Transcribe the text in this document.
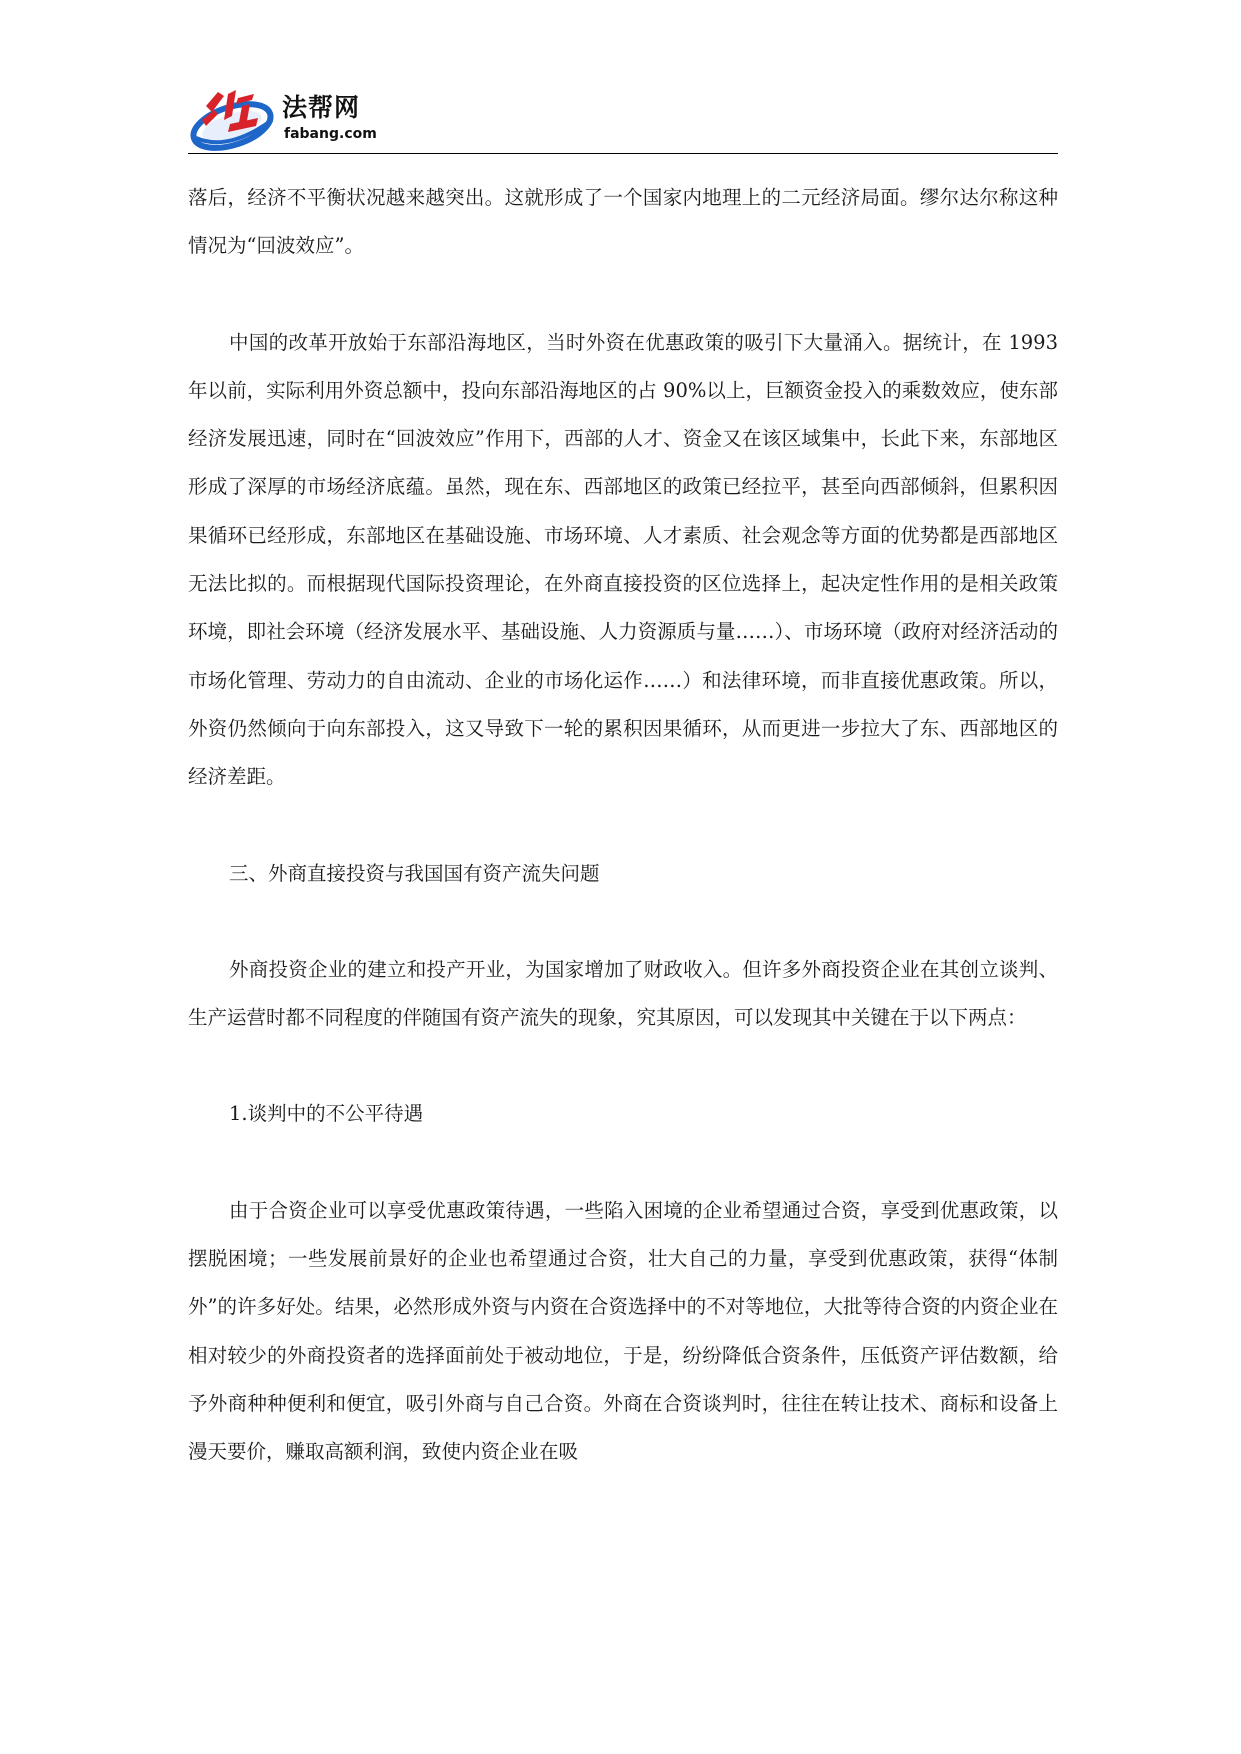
法帮网
fabang.com

落后，经济不平衡状况越来越突出。这就形成了一个国家内地理上的二元经济局面。缪尔达尔称这种情况为“回波效应”。

中国的改革开放始于东部沿海地区，当时外资在优惠政策的吸引下大量涌入。据统计，在 1993 年以前，实际利用外资总额中，投向东部沿海地区的占 90%以上，巨额资金投入的乘数效应，使东部经济发展迅速，同时在“回波效应”作用下，西部的人才、资金又在该区域集中，长此下来，东部地区形成了深厚的市场经济底蕴。虽然，现在东、西部地区的政策已经拉平，甚至向西部倾斜，但累积因果循环已经形成，东部地区在基础设施、市场环境、人才素质、社会观念等方面的优势都是西部地区无法比拟的。而根据现代国际投资理论，在外商直接投资的区位选择上，起决定性作用的是相关政策环境，即社会环境（经济发展水平、基础设施、人力资源质与量……）、市场环境（政府对经济活动的市场化管理、劳动力的自由流动、企业的市场化运作……）和法律环境，而非直接优惠政策。所以，外资仍然倾向于向东部投入，这又导致下一轮的累积因果循环，从而更进一步拉大了东、西部地区的经济差距。

三、外商直接投资与我国国有资产流失问题

外商投资企业的建立和投产开业，为国家增加了财政收入。但许多外商投资企业在其创立谈判、生产运营时都不同程度的伴随国有资产流失的现象，究其原因，可以发现其中关键在于以下两点：

1.谈判中的不公平待遇

由于合资企业可以享受优惠政策待遇，一些陷入困境的企业希望通过合资，享受到优惠政策，以摆脱困境；一些发展前景好的企业也希望通过合资，壮大自己的力量，享受到优惠政策，获得“体制外”的许多好处。结果，必然形成外资与内资在合资选择中的不对等地位，大批等待合资的内资企业在相对较少的外商投资者的选择面前处于被动地位，于是，纷纷降低合资条件，压低资产评估数额，给予外商种种便利和便宜，吸引外商与自己合资。外商在合资谈判时，往往在转让技术、商标和设备上漫天要价，赚取高额利润，致使内资企业在吸
